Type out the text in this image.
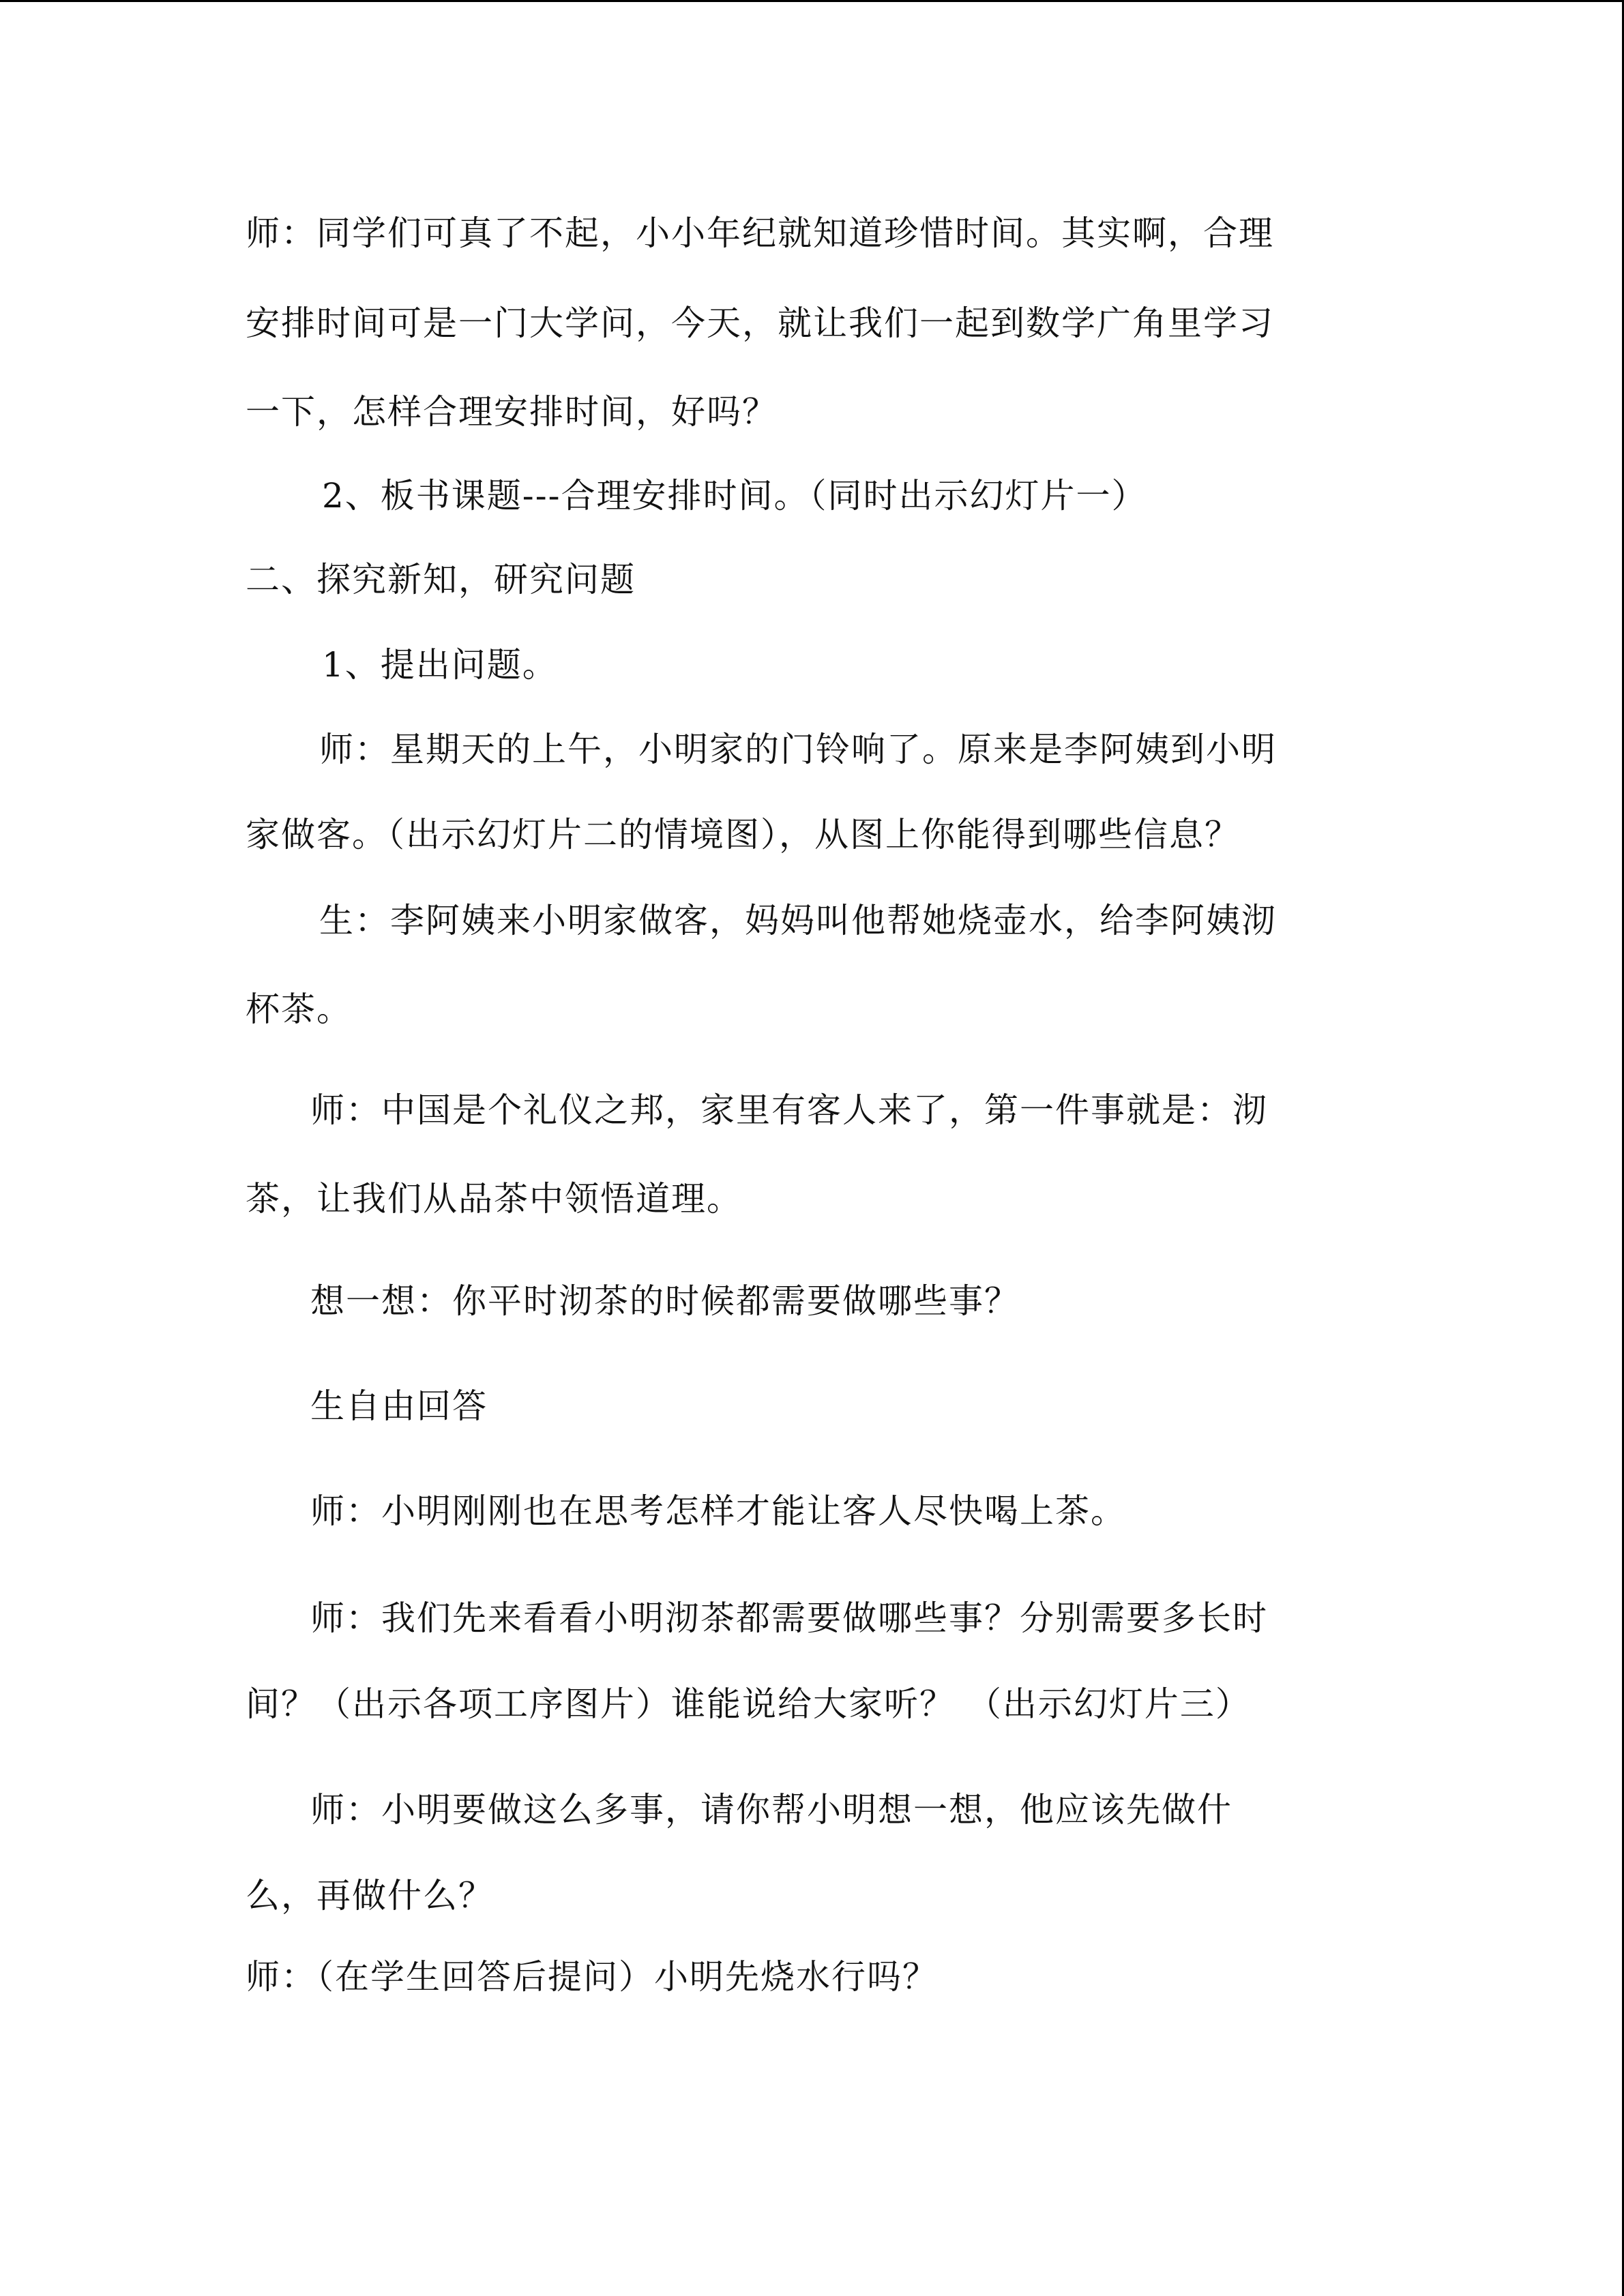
师：同学们可真了不起，小小年纪就知道珍惜时间。其实啊，合理
安排时间可是一门大学问，今天，就让我们一起到数学广角里学习
一下，怎样合理安排时间，好吗？
2、板书课题---合理安排时间。（同时出示幻灯片一）
二、探究新知，研究问题
1、提出问题。
师：星期天的上午，小明家的门铃响了。原来是李阿姨到小明
家做客。（出示幻灯片二的情境图），从图上你能得到哪些信息？
生：李阿姨来小明家做客，妈妈叫他帮她烧壶水，给李阿姨沏
杯茶。
师：中国是个礼仪之邦，家里有客人来了，第一件事就是：沏
茶，让我们从品茶中领悟道理。
想一想：你平时沏茶的时候都需要做哪些事？
生自由回答
师：小明刚刚也在思考怎样才能让客人尽快喝上茶。
师：我们先来看看小明沏茶都需要做哪些事？分别需要多长时
间？（出示各项工序图片）谁能说给大家听？ （出示幻灯片三）
师：小明要做这么多事，请你帮小明想一想，他应该先做什
么，再做什么？
师：（在学生回答后提问）小明先烧水行吗？
